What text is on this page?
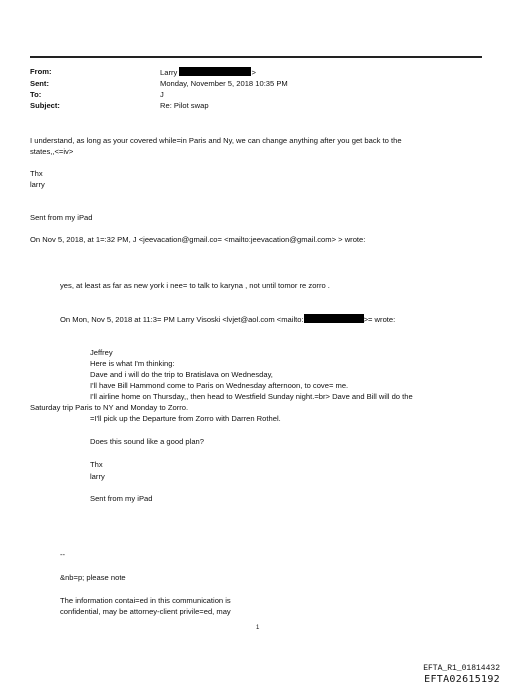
From:	Larry	>
Sent:	Monday, November 5, 2018 10:35 PM
To:	J
Subject:	Re: Pilot swap
I understand, as long as your covered while=in Paris and Ny, we can change anything after you get back to the
states,,<=iv>
Thx
larry
Sent from my iPad
On Nov 5, 2018, at 1=:32 PM, J <jeevacation@gmail.co= <mailto:jeevacation@gmail.com> > wrote:
yes, at least as far as new york i nee= to talk to karyna , not until tomor re zorro .
On Mon, Nov 5, 2018 at 11:3= PM Larry Visoski <lvjet@aol.com <mailto:	>= wrote:
Jeffrey
Here is what I'm thinking:
Dave and i will do the trip to Bratislava on Wednesday,
I'll have Bill Hammond come to Paris on Wednesday afternoon, to cove= me.
I'll airline home on Thursday,, then head to Westfield Sunday night.=br> Dave and Bill will do the
Saturday trip Paris to NY and Monday to Zorro.
=I'll pick up the Departure from Zorro with Darren Rothel.
Does this sound like a good plan?
Thx
larry
Sent from my iPad
--
&nb=p; please note
The information contai=ed in this communication is
confidential, may be attorney-client privile=ed, may
1
EFTA_R1_01814432
EFTA02615192
